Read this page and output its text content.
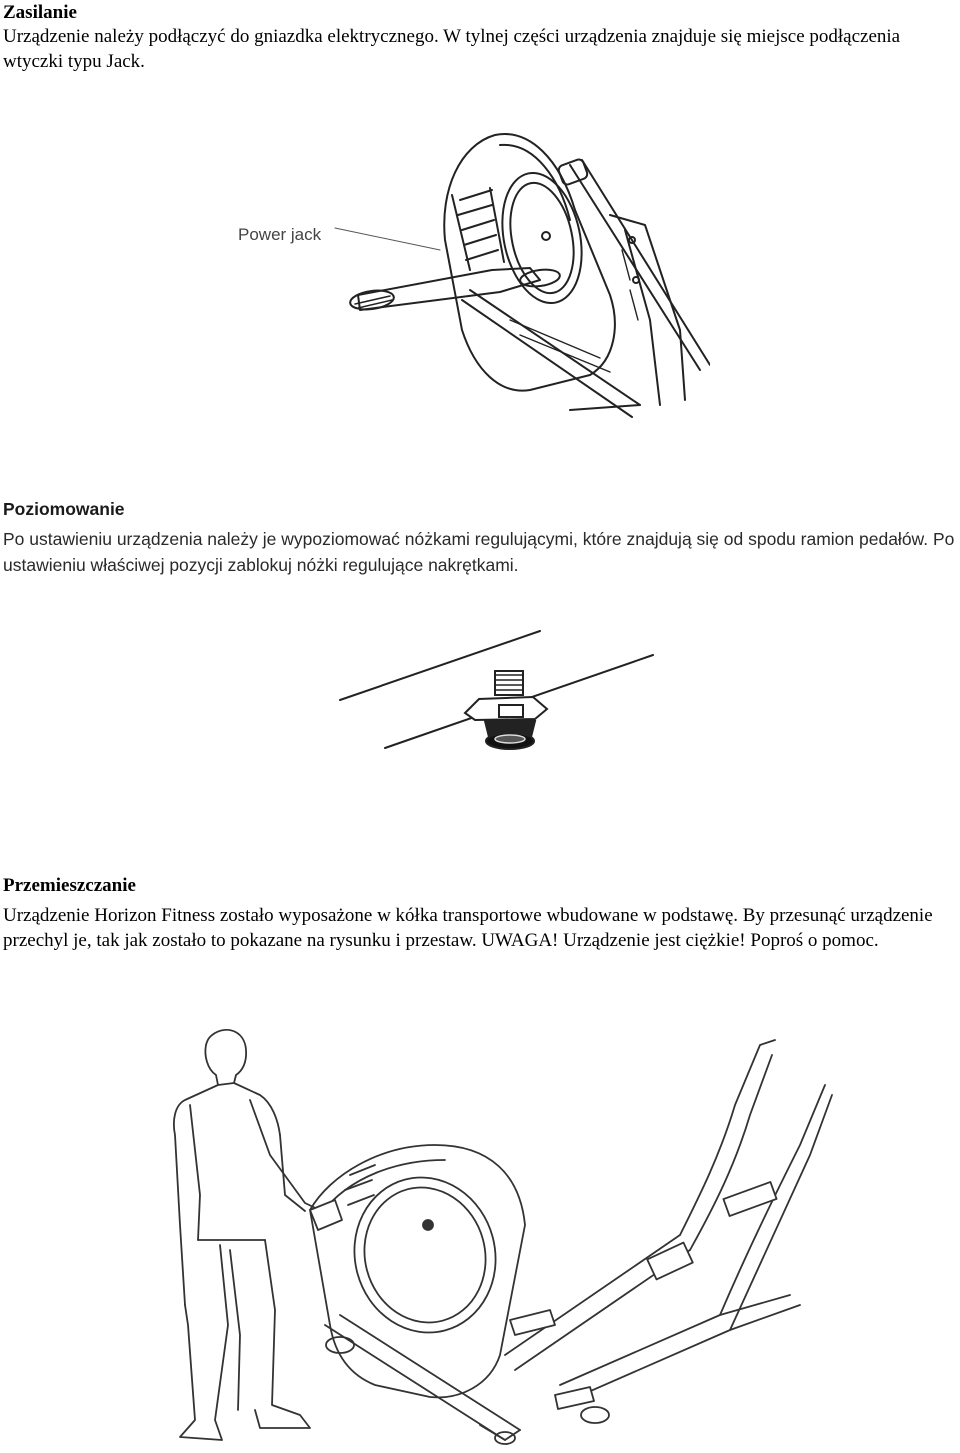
Zasilanie

Urządzenie należy podłączyć do gniazdka elektrycznego. W tylnej części urządzenia znajduje się miejsce podłączenia wtyczki typu Jack.

Power jack
Poziomowanie

Po ustawieniu urządzenia należy je wypoziomować nóżkami regulującymi, które znajdują się od spodu ramion pedałów. Po ustawieniu właściwej pozycji zablokuj nóżki regulujące nakrętkami.

Przemieszczanie

Urządzenie Horizon Fitness zostało wyposażone w kółka transportowe wbudowane w podstawę. By przesunąć urządzenie przechyl je, tak jak zostało to pokazane na rysunku i przestaw. UWAGA! Urządzenie jest ciężkie! Poproś o pomoc.
